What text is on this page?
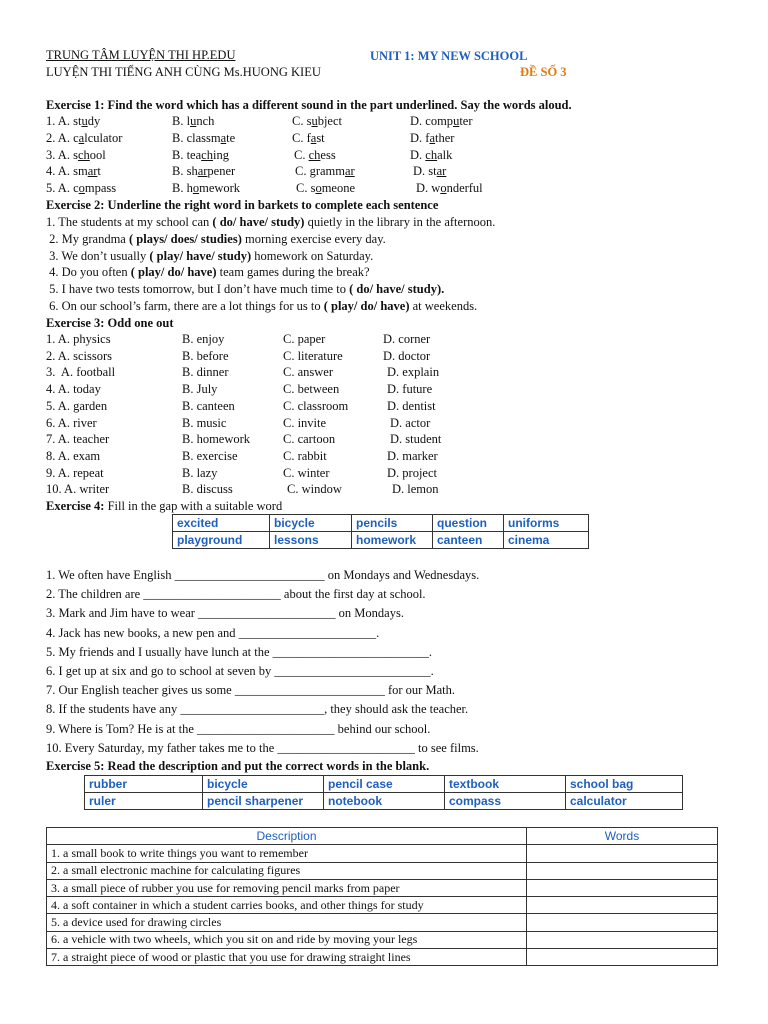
TRUNG TÂM LUYỆN THI HP.EDU
LUYỆN THI TIẾNG ANH CÙNG Ms.HUONG KIEU
UNIT 1: MY NEW SCHOOL
ĐỀ SỐ 3
Exercise 1: Find the word which has a different sound in the part underlined. Say the words aloud.
1. A. study	B. lunch	C. subject	D. computer
2. A. calculator	B. classmate	C. fast	D. father
3. A. school	B. teaching	C. chess	D. chalk
4. A. smart	B. sharpener	C. grammar	D. star
5. A. compass	B. homework	C. someone	D. wonderful
Exercise 2: Underline the right word in barkets to complete each sentence
1. The students at my school can ( do/ have/ study) quietly in the library in the afternoon.
2. My grandma ( plays/ does/ studies) morning exercise every day.
3. We don’t usually ( play/ have/ study) homework on Saturday.
4. Do you often ( play/ do/ have) team games during the break?
5. I have two tests tomorrow, but I don’t have much time to ( do/ have/ study).
6. On our school’s farm, there are a lot things for us to ( play/ do/ have) at weekends.
Exercise 3: Odd one out
1. A. physics	B. enjoy	C. paper	D. corner
2. A. scissors	B. before	C. literature	D. doctor
3.  A. football	B. dinner	C. answer	D. explain
4. A. today	B. July	C. between	D. future
5. A. garden	B. canteen	C. classroom	D. dentist
6. A. river	B. music	C. invite	D. actor
7. A. teacher	B. homework	C. cartoon	D. student
8. A. exam	B. exercise	C. rabbit	D. marker
9. A. repeat	B. lazy	C. winter	D. project
10. A. writer	B. discuss	C. window	D. lemon
Exercise 4: Fill in the gap with a suitable word
excited	bicycle	pencils	question	uniforms
playground	lessons	homework	canteen	cinema
1. We often have English ________________________ on Mondays and Wednesdays.
2. The children are ______________________ about the first day at school.
3. Mark and Jim have to wear ______________________ on Mondays.
4. Jack has new books, a new pen and ______________________.
5. My friends and I usually have lunch at the _________________________.
6. I get up at six and go to school at seven by _________________________.
7. Our English teacher gives us some ________________________ for our Math.
8. If the students have any _______________________, they should ask the teacher.
9. Where is Tom? He is at the ______________________ behind our school.
10. Every Saturday, my father takes me to the ______________________ to see films.
Exercise 5: Read the description and put the correct words in the blank.
rubber	bicycle	pencil case	textbook	school bag
ruler	pencil sharpener	notebook	compass	calculator
Description	Words
1. a small book to write things you want to remember	
2. a small electronic machine for calculating figures	
3. a small piece of rubber you use for removing pencil marks from paper	
4. a soft container in which a student carries books, and other things for study	
5. a device used for drawing circles	
6. a vehicle with two wheels, which you sit on and ride by moving your legs	
7. a straight piece of wood or plastic that you use for drawing straight lines	
